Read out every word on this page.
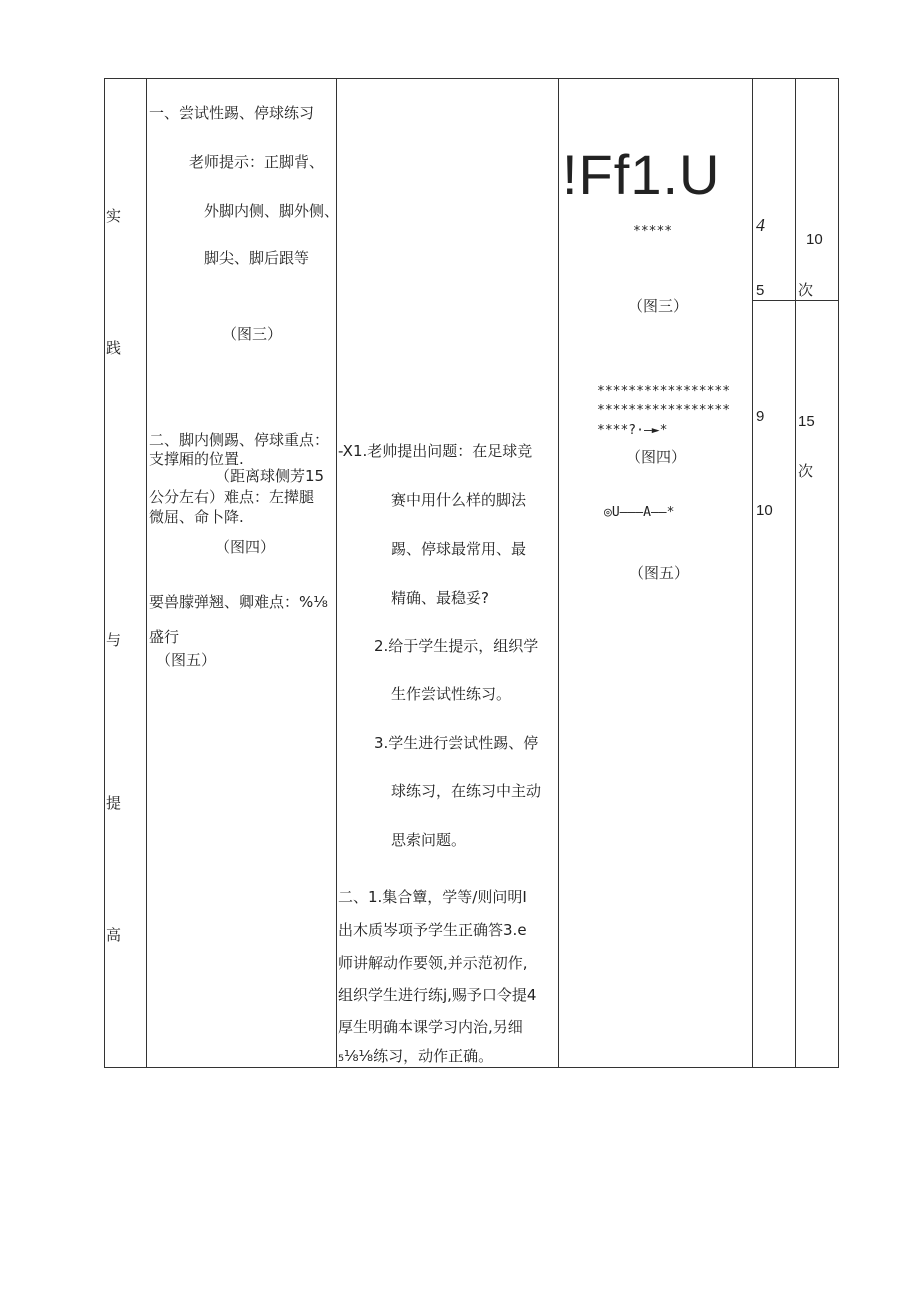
实
践
与
提
高
一、尝试性踢、停球练习
老师提示：正脚背、
外脚内侧、脚外侧、
脚尖、脚后跟等
（图三）
二、脚内侧踢、停球重点：
支撑厢的位置.
（距离球侧芳15
公分左右）难点：左撵腿
微屈、命卜降.
（图四）
要兽朦弹翘、卿难点：%⅛
盛行
（图五）
-X1.老帅提出问题：在足球竞
赛中用什么样的脚法
踢、停球最常用、最
精确、最稳妥?
2.给于学生提示，组织学
生作尝试性练习。
3.学生进行尝试性踢、停
球练习，在练习中主动
思索问题。
二、1.集合簟，学等/则问明I
出木质岑项予学生正确答3.e
师讲解动作要领,并示范初作,
组织学生进行练j,赐予口令提4
厚生明确本课学习内治,另细
₅⅛⅛练习，动作正确。
!Ff1.U
*****
（图三）
*****************
*****************
****?·—►*
（图四）
◎U———A——*
（图五）
4
5
9
10
10
次
15
次
